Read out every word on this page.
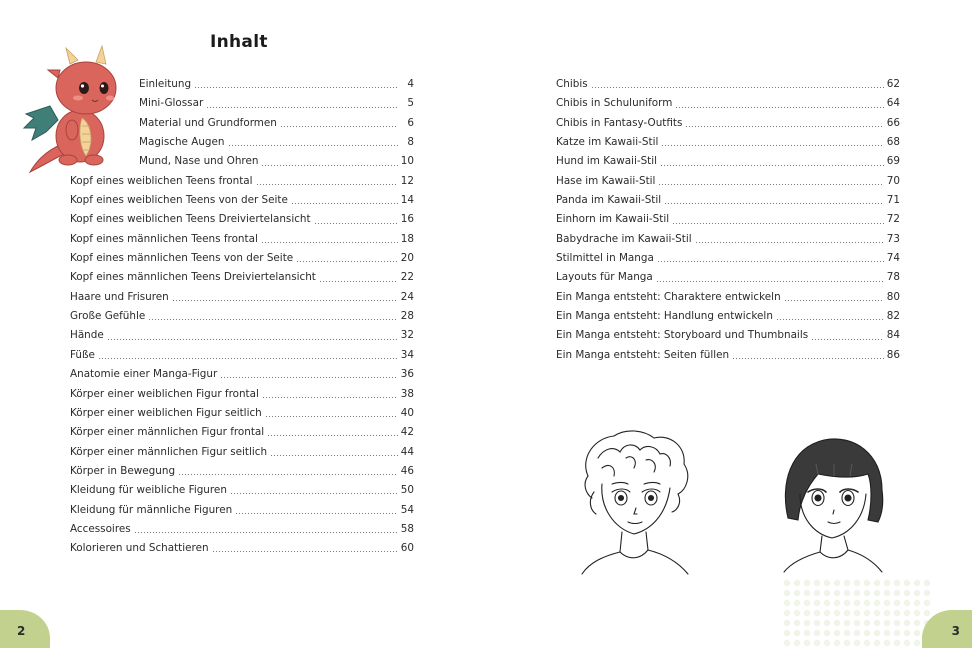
Inhalt
Einleitung	4
Mini-Glossar	5
Material und Grundformen	6
Magische Augen	8
Mund, Nase und Ohren	10
Kopf eines weiblichen Teens frontal	12
Kopf eines weiblichen Teens von der Seite	14
Kopf eines weiblichen Teens Dreiviertelansicht	16
Kopf eines männlichen Teens frontal	18
Kopf eines männlichen Teens von der Seite	20
Kopf eines männlichen Teens Dreiviertelansicht	22
Haare und Frisuren	24
Große Gefühle	28
Hände	32
Füße	34
Anatomie einer Manga-Figur	36
Körper einer weiblichen Figur frontal	38
Körper einer weiblichen Figur seitlich	40
Körper einer männlichen Figur frontal	42
Körper einer männlichen Figur seitlich	44
Körper in Bewegung	46
Kleidung für weibliche Figuren	50
Kleidung für männliche Figuren	54
Accessoires	58
Kolorieren und Schattieren	60
Chibis	62
Chibis in Schuluniform	64
Chibis in Fantasy-Outfits	66
Katze im Kawaii-Stil	68
Hund im Kawaii-Stil	69
Hase im Kawaii-Stil	70
Panda im Kawaii-Stil	71
Einhorn im Kawaii-Stil	72
Babydrache im Kawaii-Stil	73
Stilmittel in Manga	74
Layouts für Manga	78
Ein Manga entsteht: Charaktere entwickeln	80
Ein Manga entsteht: Handlung entwickeln	82
Ein Manga entsteht: Storyboard und Thumbnails	84
Ein Manga entsteht: Seiten füllen	86
2	3
